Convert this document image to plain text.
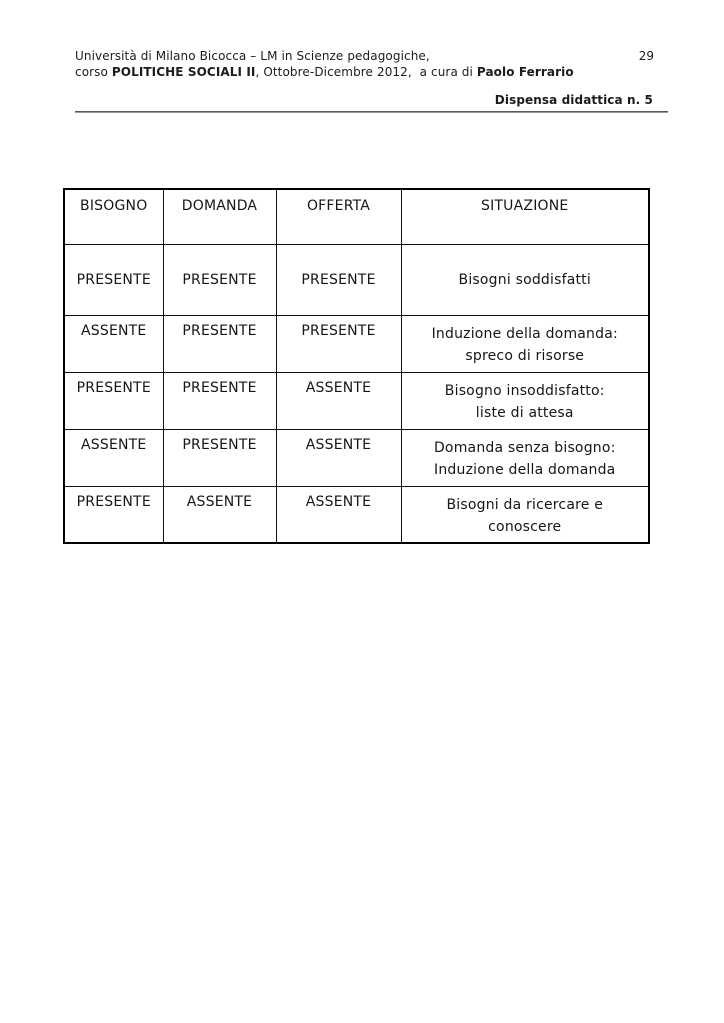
Università di Milano Bicocca – LM in Scienze pedagogiche,	29
corso POLITICHE SOCIALI II, Ottobre-Dicembre 2012,  a cura di Paolo Ferrario
Dispensa didattica n. 5
BISOGNO	DOMANDA	OFFERTA	SITUAZIONE
PRESENTE	PRESENTE	PRESENTE	Bisogni soddisfatti

ASSENTE	PRESENTE	PRESENTE	Induzione della domanda:
spreco di risorse

PRESENTE	PRESENTE	ASSENTE	Bisogno insoddisfatto:
liste di attesa

ASSENTE	PRESENTE	ASSENTE	Domanda senza bisogno:
Induzione della domanda

PRESENTE	ASSENTE	ASSENTE	Bisogni da ricercare e
conoscere
